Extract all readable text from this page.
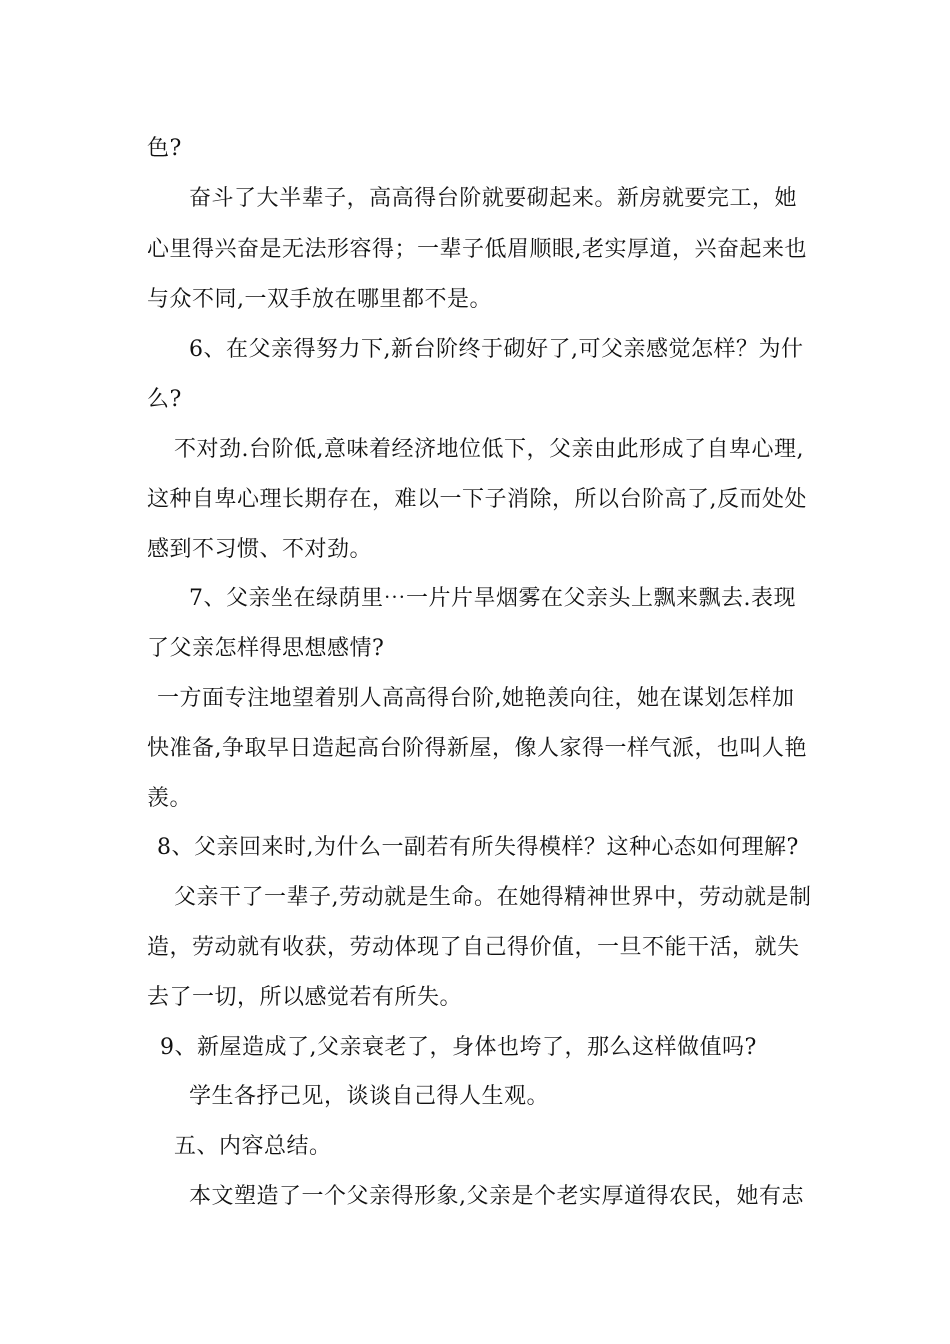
色?
奋斗了大半辈子，高高得台阶就要砌起来。新房就要完工，她
心里得兴奋是无法形容得；一辈子低眉顺眼,老实厚道，兴奋起来也
与众不同,一双手放在哪里都不是。
6、在父亲得努力下,新台阶终于砌好了,可父亲感觉怎样？为什
么?
不对劲.台阶低,意味着经济地位低下，父亲由此形成了自卑心理,
这种自卑心理长期存在，难以一下子消除，所以台阶高了,反而处处
感到不习惯、不对劲。
7、父亲坐在绿荫里⋯一片片旱烟雾在父亲头上飘来飘去.表现
了父亲怎样得思想感情?
一方面专注地望着别人高高得台阶,她艳羡向往，她在谋划怎样加
快准备,争取早日造起高台阶得新屋，像人家得一样气派，也叫人艳
羡。
8、父亲回来时,为什么一副若有所失得模样？这种心态如何理解?
父亲干了一辈子,劳动就是生命。在她得精神世界中，劳动就是制
造，劳动就有收获，劳动体现了自己得价值，一旦不能干活，就失
去了一切，所以感觉若有所失。
9、新屋造成了,父亲衰老了，身体也垮了，那么这样做值吗?
学生各抒己见，谈谈自己得人生观。
五、内容总结。
本文塑造了一个父亲得形象,父亲是个老实厚道得农民，她有志
